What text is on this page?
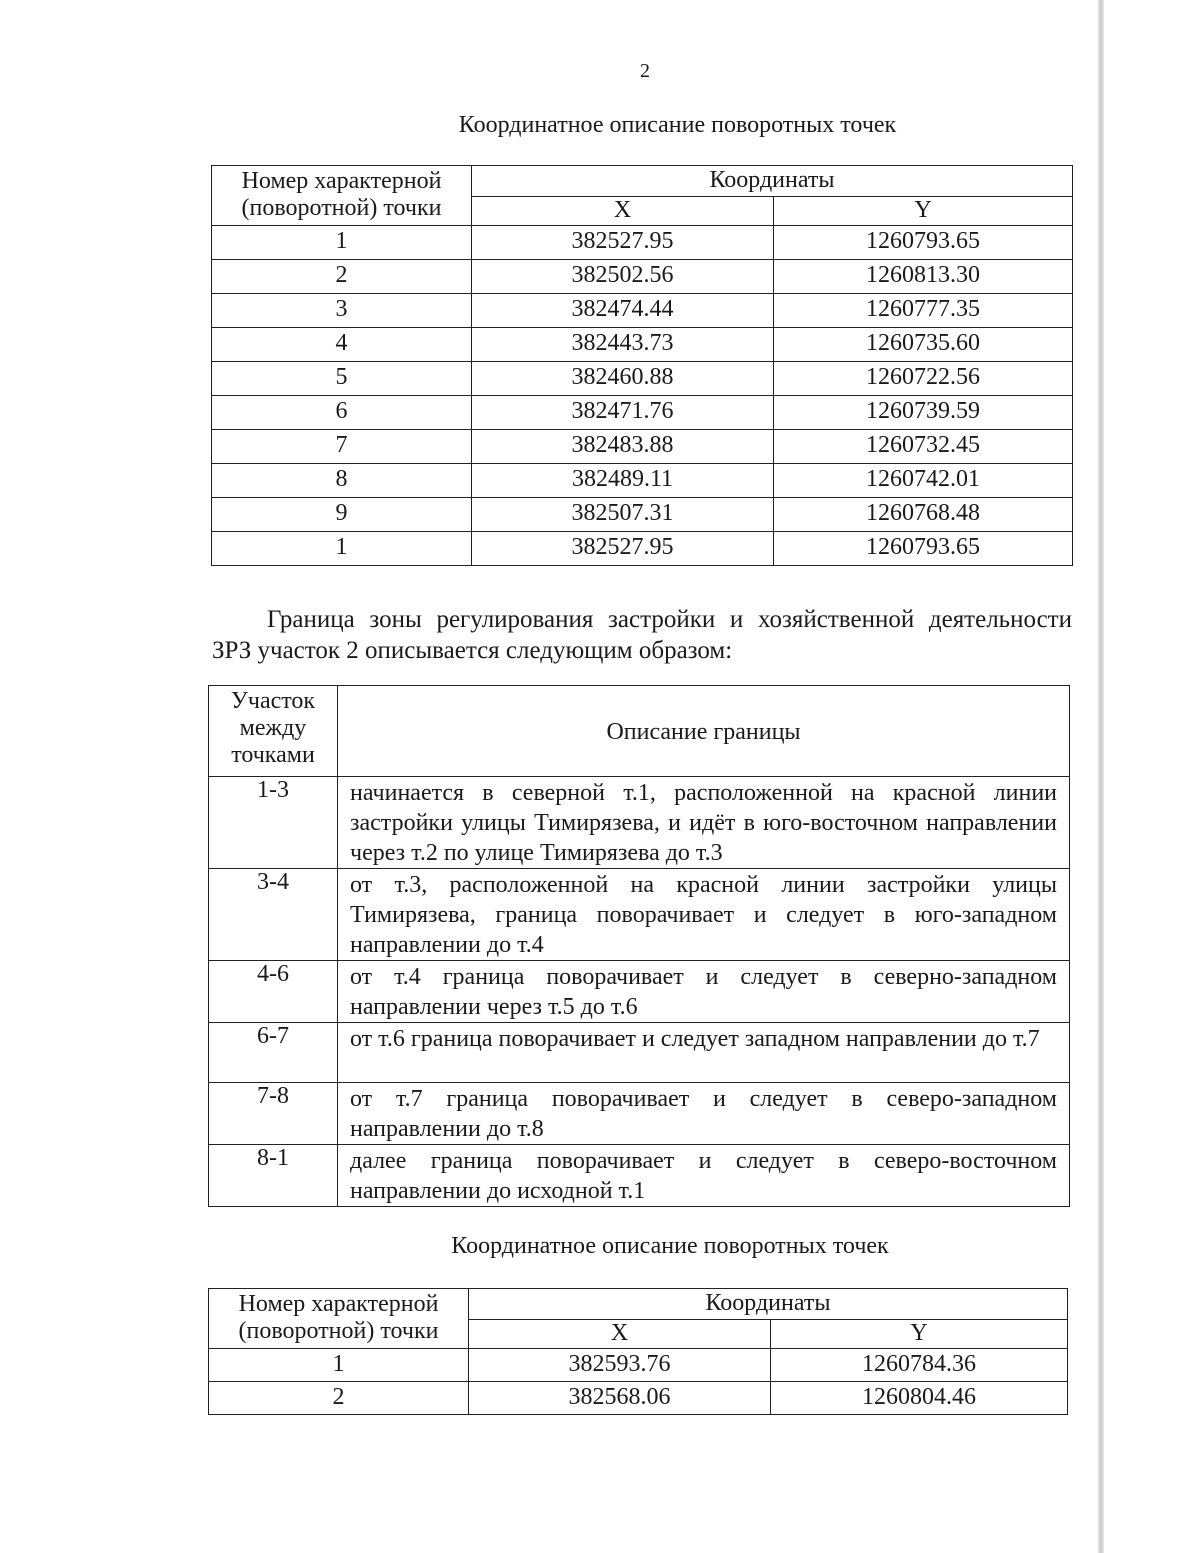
2
Координатное описание поворотных точек
Номер характерной (поворотной) точки	Координаты	
	X	Y
1	382527.95	1260793.65
2	382502.56	1260813.30
3	382474.44	1260777.35
4	382443.73	1260735.60
5	382460.88	1260722.56
6	382471.76	1260739.59
7	382483.88	1260732.45
8	382489.11	1260742.01
9	382507.31	1260768.48
1	382527.95	1260793.65

Граница зоны регулирования застройки и хозяйственной деятельности
ЗРЗ участок 2 описывается следующим образом:

Участок между точками	Описание границы
1-3	начинается в северной т.1, расположенной на красной линии застройки улицы Тимирязева, и идёт в юго-восточном направлении через т.2 по улице Тимирязева до т.3
3-4	от т.3, расположенной на красной линии застройки улицы Тимирязева, граница поворачивает и следует в юго-западном направлении до т.4
4-6	от т.4 граница поворачивает и следует в северно-западном направлении через т.5 до т.6
6-7	от т.6 граница поворачивает и следует западном направлении до т.7
7-8	от т.7 граница поворачивает и следует в северо-западном направлении до т.8
8-1	далее граница поворачивает и следует в северо-восточном направлении до исходной т.1
Координатное описание поворотных точек
Номер характерной (поворотной) точки	Координаты	
	X	Y
1	382593.76	1260784.36
2	382568.06	1260804.46
